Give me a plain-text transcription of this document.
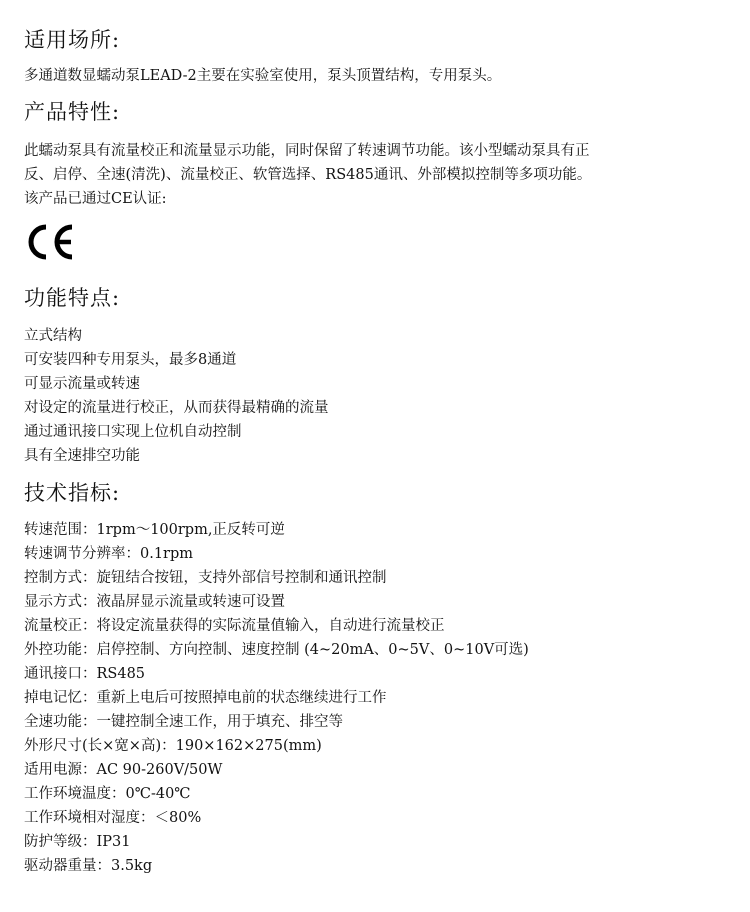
适用场所:

多通道数显蠕动泵LEAD-2主要在实验室使用，泵头顶置结构，专用泵头。

产品特性:

此蠕动泵具有流量校正和流量显示功能，同时保留了转速调节功能。该小型蠕动泵具有正

反、启停、全速(清洗)、流量校正、软管选择、RS485通讯、外部模拟控制等多项功能。

该产品已通过CE认证:

功能特点:

立式结构

可安装四种专用泵头，最多8通道

可显示流量或转速

对设定的流量进行校正，从而获得最精确的流量

通过通讯接口实现上位机自动控制

具有全速排空功能

技术指标:

转速范围：1rpm～100rpm,正反转可逆

转速调节分辨率：0.1rpm

控制方式：旋钮结合按钮，支持外部信号控制和通讯控制

显示方式：液晶屏显示流量或转速可设置

流量校正：将设定流量获得的实际流量值输入，自动进行流量校正

外控功能：启停控制、方向控制、速度控制 (4~20mA、0~5V、0~10V可选)

通讯接口：RS485

掉电记忆：重新上电后可按照掉电前的状态继续进行工作

全速功能：一键控制全速工作，用于填充、排空等

外形尺寸(长×宽×高)：190×162×275(mm)

适用电源：AC 90-260V/50W

工作环境温度：0℃-40℃

工作环境相对湿度：＜80%

防护等级：IP31

驱动器重量：3.5kg
